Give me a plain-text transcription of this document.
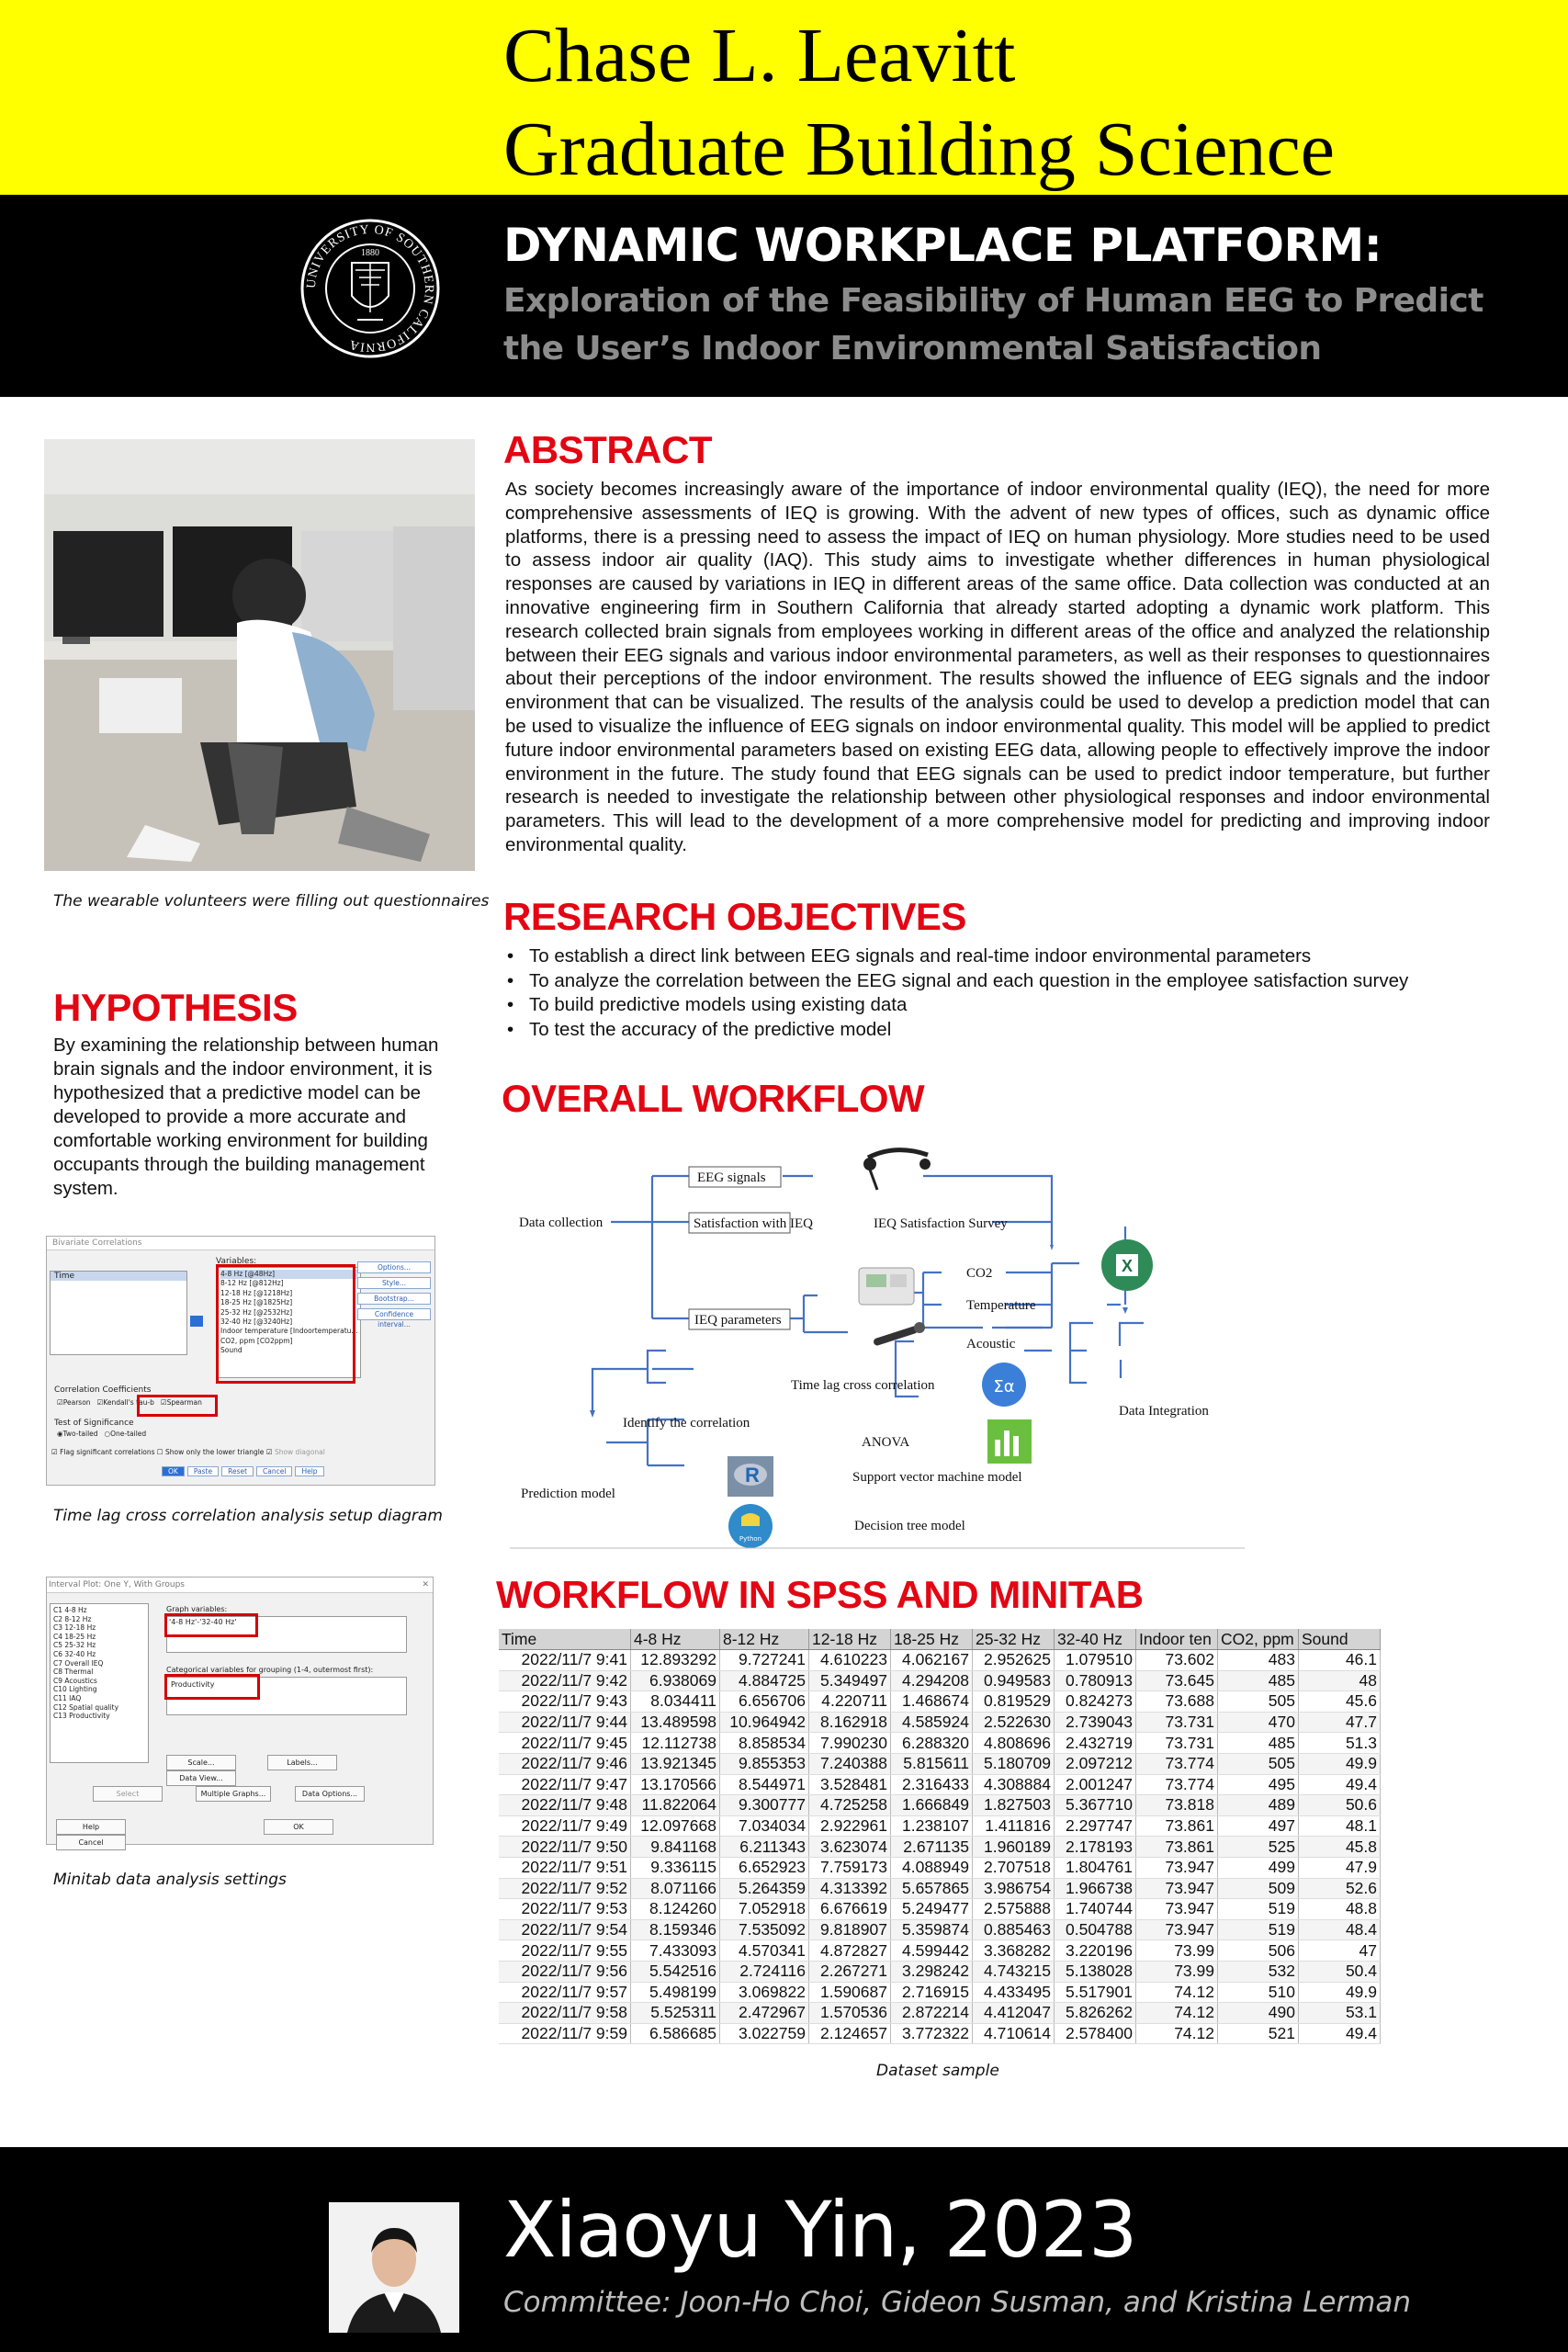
Chase L. Leavitt
Graduate Building Science
UNIVERSITY OF SOUTHERN CALIFORNIA
1880	DYNAMIC WORKPLACE PLATFORM:
Exploration of the Feasibility of Human EEG to Predict the User’s Indoor Environmental Satisfaction
The wearable volunteers were filling out questionnaires
HYPOTHESIS
By examining the relationship between human brain signals and the indoor environment, it is hypothesized that a predictive model can be developed to provide a more accurate and comfortable working environment for building occupants through the building management system.
Bivariate Correlations
Time
Variables:
4-8 Hz [@48Hz]
8-12 Hz [@812Hz]
12-18 Hz [@1218Hz]
18-25 Hz [@1825Hz]
25-32 Hz [@2532Hz]
32-40 Hz [@3240Hz]
Indoor temperature [Indoortemperatu...
CO2, ppm [CO2ppm]
Sound
Options...
Style...
Bootstrap...
Confidence interval...
Correlation Coefficients
☑Pearson ☑Kendall's tau-b ☑Spearman
Test of Significance
◉Two-tailed ○One-tailed
☑ Flag significant correlations ☐ Show only the lower triangle ☑ Show diagonal
OK Paste Reset Cancel Help
Time lag cross correlation analysis setup diagram
Interval Plot: One Y, With Groups	✕
C1 4-8 Hz
C2 8-12 Hz
C3 12-18 Hz
C4 18-25 Hz
C5 25-32 Hz
C6 32-40 Hz
C7 Overall IEQ
C8 Thermal
C9 Acoustics
C10 Lighting
C11 IAQ
C12 Spatial quality
C13 Productivity
Graph variables:
'4-8 Hz'-'32-40 Hz'
Categorical variables for grouping (1-4, outermost first):
Productivity
Scale...	Labels...Data View...
Select	Multiple Graphs...	Data Options...
Help	OKCancel
Minitab data analysis settings
ABSTRACT
As society becomes increasingly aware of the importance of indoor environmental quality (IEQ), the need for more comprehensive assessments of IEQ is growing. With the advent of new types of offices, such as dynamic office platforms, there is a pressing need to assess the impact of IEQ on human physiology. More studies need to be used to assess indoor air quality (IAQ). This study aims to investigate whether differences in human physiological responses are caused by variations in IEQ in different areas of the same office. Data collection was conducted at an innovative engineering firm in Southern California that already started adopting a dynamic work platform. This research collected brain signals from employees working in different areas of the office and analyzed the relationship between their EEG signals and various indoor environmental parameters, as well as their responses to questionnaires about their perceptions of the indoor environment. The results showed the influence of EEG signals and the indoor environment that can be visualized. The results of the analysis could be used to develop a prediction model that can be used to visualize the influence of EEG signals on indoor environmental quality. This model will be applied to predict future indoor environmental parameters based on existing EEG data, allowing people to effectively improve the indoor environment in the future. The study found that EEG signals can be used to predict indoor temperature, but further research is needed to investigate the relationship between other physiological responses and indoor environmental parameters. This will lead to the development of a more comprehensive model for predicting and improving indoor environmental quality.
RESEARCH OBJECTIVES
• To establish a direct link between EEG signals and real-time indoor environmental parameters
• To analyze the correlation between the EEG signal and each question in the employee satisfaction survey
• To build predictive models using existing data
• To test the accuracy of the predictive model
OVERALL WORKFLOW
Data collection
EEG signals
Satisfaction with IEQ	IEQ Satisfaction Survey
IEQ parameters
CO2
Temperature
Acoustic
Time lag cross correlation
Identify the correlation
ANOVA
Data Integration
Prediction model
Support vector machine model
Decision tree model
X
Σα
R
Python
WORKFLOW IN SPSS AND MINITAB
Time	4-8 Hz	8-12 Hz	12-18 Hz	18-25 Hz	25-32 Hz	32-40 Hz	Indoor ten	CO2, ppm	Sound
2022/11/7 9:41	12.893292	9.727241	4.610223	4.062167	2.952625	1.079510	73.602	483	46.1
2022/11/7 9:42	6.938069	4.884725	5.349497	4.294208	0.949583	0.780913	73.645	485	48
2022/11/7 9:43	8.034411	6.656706	4.220711	1.468674	0.819529	0.824273	73.688	505	45.6
2022/11/7 9:44	13.489598	10.964942	8.162918	4.585924	2.522630	2.739043	73.731	470	47.7
2022/11/7 9:45	12.112738	8.858534	7.990230	6.288320	4.808696	2.432719	73.731	485	51.3
2022/11/7 9:46	13.921345	9.855353	7.240388	5.815611	5.180709	2.097212	73.774	505	49.9
2022/11/7 9:47	13.170566	8.544971	3.528481	2.316433	4.308884	2.001247	73.774	495	49.4
2022/11/7 9:48	11.822064	9.300777	4.725258	1.666849	1.827503	5.367710	73.818	489	50.6
2022/11/7 9:49	12.097668	7.034034	2.922961	1.238107	1.411816	2.297747	73.861	497	48.1
2022/11/7 9:50	9.841168	6.211343	3.623074	2.671135	1.960189	2.178193	73.861	525	45.8
2022/11/7 9:51	9.336115	6.652923	7.759173	4.088949	2.707518	1.804761	73.947	499	47.9
2022/11/7 9:52	8.071166	5.264359	4.313392	5.657865	3.986754	1.966738	73.947	509	52.6
2022/11/7 9:53	8.124260	7.052918	6.676619	5.249477	2.575888	1.740744	73.947	519	48.8
2022/11/7 9:54	8.159346	7.535092	9.818907	5.359874	0.885463	0.504788	73.947	519	48.4
2022/11/7 9:55	7.433093	4.570341	4.872827	4.599442	3.368282	3.220196	73.99	506	47
2022/11/7 9:56	5.542516	2.724116	2.267271	3.298242	4.743215	5.138028	73.99	532	50.4
2022/11/7 9:57	5.498199	3.069822	1.590687	2.716915	4.433495	5.517901	74.12	510	49.9
2022/11/7 9:58	5.525311	2.472967	1.570536	2.872214	4.412047	5.826262	74.12	490	53.1
2022/11/7 9:59	6.586685	3.022759	2.124657	3.772322	4.710614	2.578400	74.12	521	49.4
Dataset sample
Xiaoyu Yin, 2023
Committee: Joon-Ho Choi, Gideon Susman, and Kristina Lerman
